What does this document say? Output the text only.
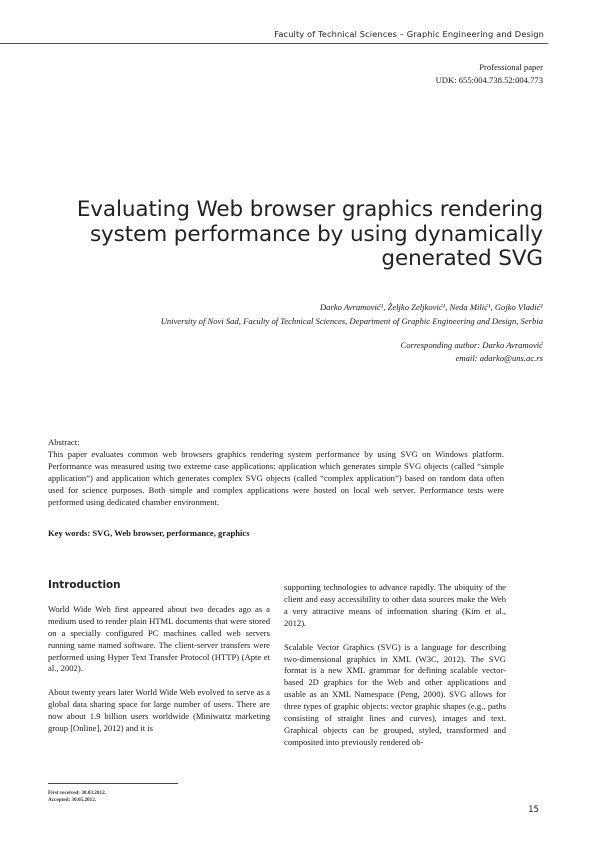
Faculty of Technical Sciences – Graphic Engineering and Design
Professional paper
UDK: 655:004.738.52:004.773
Evaluating Web browser graphics rendering
system performance by using dynamically
generated SVG
Darko Avramović¹, Željko Zeljković¹, Neda Milić¹, Gojko Vladić¹
University of Novi Sad, Faculty of Technical Sciences, Department of Graphic Engineering and Design, Serbia
Corresponding author: Darko Avramović
email: adarko@uns.ac.rs

Abstract:

This paper evaluates common web browsers graphics rendering system performance by using SVG on Windows platform. Performance was measured using two extreme case applications: application which generates simple SVG objects (called “simple application”) and application which generates complex SVG objects (called “complex application”) based on random data often used for science purposes. Both simple and complex applications were hosted on local web server. Performance tests were performed using dedicated chamber environment.

Key words: SVG, Web browser, performance, graphics
Introduction

World Wide Web first appeared about two decades ago as a medium used to render plain HTML documents that were stored on a specially configured PC machines called web servers running same named software. The client-server transfers were performed using Hyper Text Transfer Protocol (HTTP) (Apte et al., 2002).

About twenty years later World Wide Web evolved to serve as a global data sharing space for large number of users. There are now about 1.9 billion users worldwide (Miniwattz marketing group [Online], 2012) and it is

supporting technologies to advance rapidly. The ubiquity of the client and easy accessibility to other data sources make the Web a very attractive means of information sharing (Kim et al., 2012).

Scalable Vector Graphics (SVG) is a language for describing two-dimensional graphics in XML (W3C, 2012). The SVG format is a new XML grammar for defining scalable vector-based 2D graphics for the Web and other applications and usable as an XML Namespace (Peng, 2000). SVG allows for three types of graphic objects: vector graphic shapes (e.g., paths consisting of straight lines and curves), images and text. Graphical objects can be grouped, styled, transformed and composited into previously rendered ob-

First received: 30.03.2012.
Accepted: 30.05.2012.
15
